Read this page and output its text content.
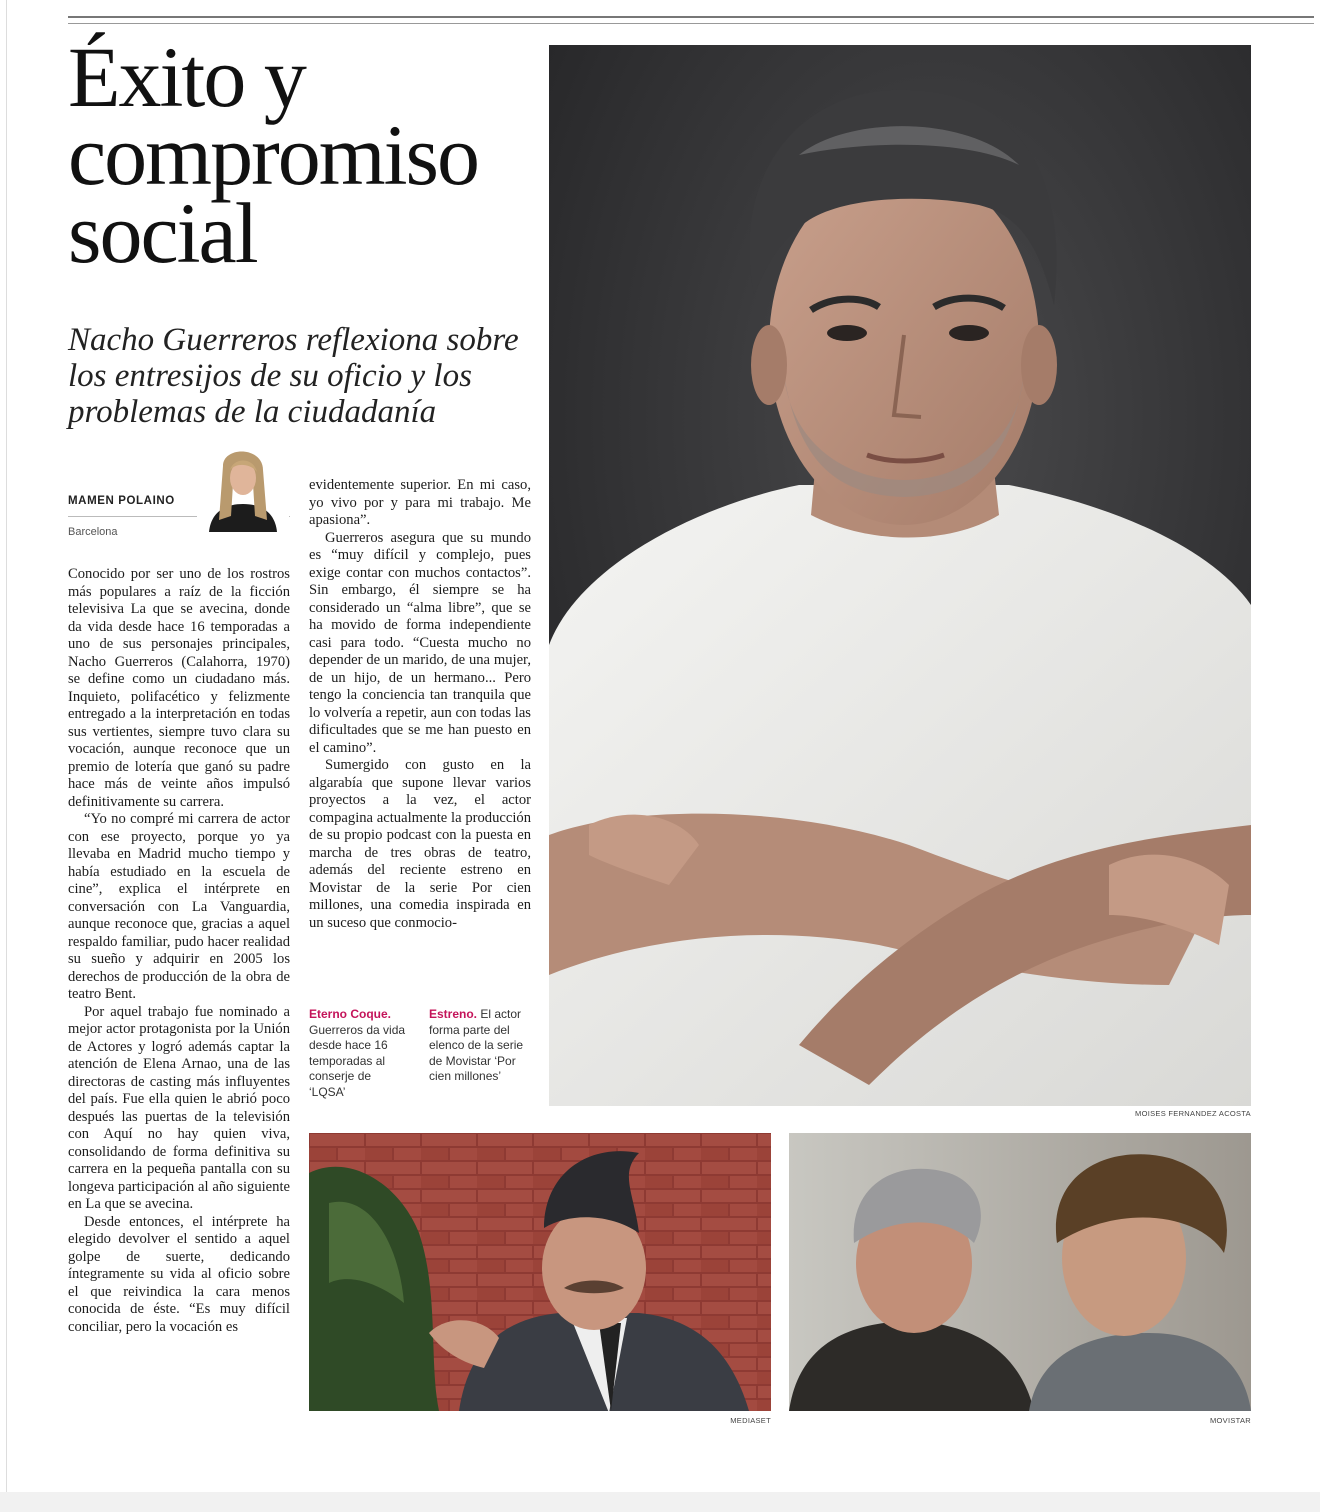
Éxito y
compromiso
social

Nacho Guerreros reflexiona sobre los entresijos de su oficio y los problemas de la ciudadanía

MAMEN POLAINO

Barcelona

Conocido por ser uno de los rostros más populares a raíz de la ficción televisiva La que se avecina, donde da vida desde hace 16 temporadas a uno de sus personajes principales, Nacho Guerreros (Calahorra, 1970) se define como un ciudadano más. Inquieto, polifacético y felizmente entregado a la interpretación en todas sus vertientes, siempre tuvo clara su vocación, aunque reconoce que un premio de lotería que ganó su padre hace más de veinte años impulsó definitivamente su carrera.

“Yo no compré mi carrera de actor con ese proyecto, porque yo ya llevaba en Madrid mucho tiempo y había estudiado en la escuela de cine”, explica el intérprete en conversación con La Vanguardia, aunque reconoce que, gracias a aquel respaldo familiar, pudo hacer realidad su sueño y adquirir en 2005 los derechos de producción de la obra de teatro Bent.

Por aquel trabajo fue nominado a mejor actor protagonista por la Unión de Actores y logró además captar la atención de Elena Arnao, una de las directoras de casting más influyentes del país. Fue ella quien le abrió poco después las puertas de la televisión con Aquí no hay quien viva, consolidando de forma definitiva su carrera en la pequeña pantalla con su longeva participación al año siguiente en La que se avecina.

Desde entonces, el intérprete ha elegido devolver el sentido a aquel golpe de suerte, dedicando íntegramente su vida al oficio sobre el que reivindica la cara menos conocida de éste. “Es muy difícil conciliar, pero la vocación es

evidentemente superior. En mi caso, yo vivo por y para mi trabajo. Me apasiona”.

Guerreros asegura que su mundo es “muy difícil y complejo, pues exige contar con muchos contactos”. Sin embargo, él siempre se ha considerado un “alma libre”, que se ha movido de forma independiente casi para todo. “Cuesta mucho no depender de un marido, de una mujer, de un hijo, de un hermano... Pero tengo la conciencia tan tranquila que lo volvería a repetir, aun con todas las dificultades que se me han puesto en el camino”.

Sumergido con gusto en la algarabía que supone llevar varios proyectos a la vez, el actor compagina actualmente la producción de su propio podcast con la puesta en marcha de tres obras de teatro, además del reciente estreno en Movistar de la serie Por cien millones, una comedia inspirada en un suceso que conmocio-

Eterno Coque. Guerreros da vida desde hace 16 temporadas al conserje de ‘LQSA’
Estreno. El actor forma parte del elenco de la serie de Movistar ‘Por cien millones’

MOISES FERNANDEZ ACOSTA

MEDIASET	MOVISTAR
